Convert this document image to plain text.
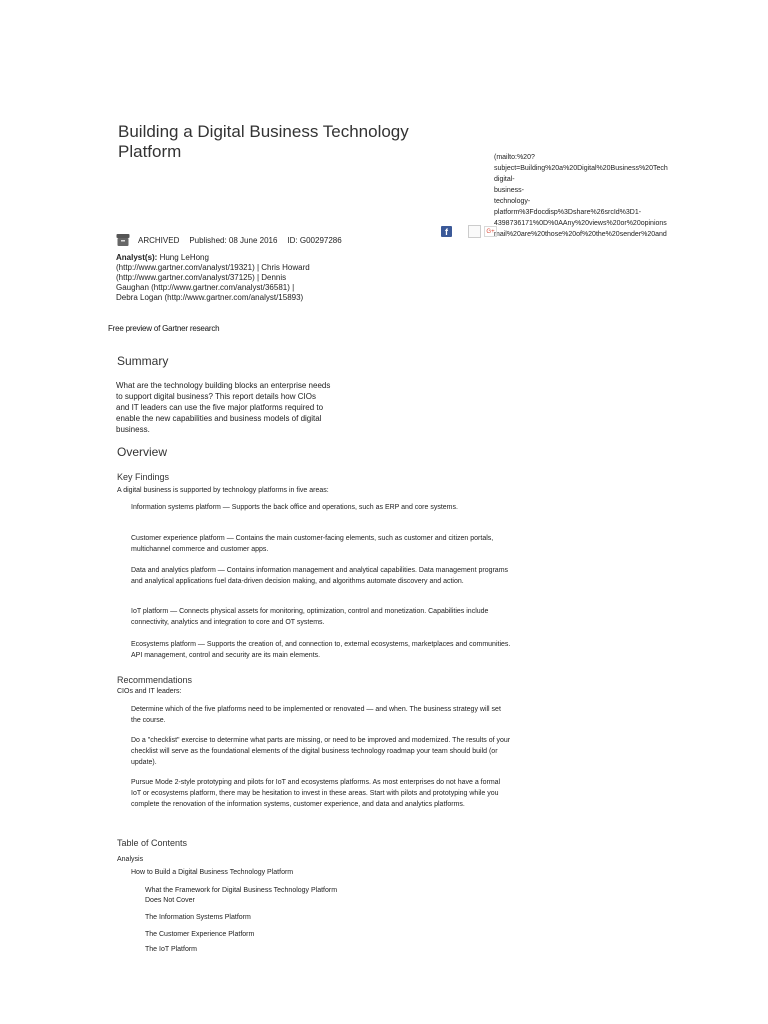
Building a Digital Business Technology Platform	(mailto:%20?
subject=Building%20a%20Digital%20Business%20Tech
digital-
business-
technology-
platform%3Fdocdisp%3Dshare%26srcId%3D1-
4398736171%0D%0AAny%20views%20or%20opinions
mail%20are%20those%20of%20the%20sender%20and
ARCHIVED Published: 08 June 2016 ID: G00297286
f	G+
Analyst(s): Hung LeHong
(http://www.gartner.com/analyst/19321) | Chris Howard
(http://www.gartner.com/analyst/37125) | Dennis
Gaughan (http://www.gartner.com/analyst/36581) |
Debra Logan (http://www.gartner.com/analyst/15893)
Free preview of Gartner research
Summary
What are the technology building blocks an enterprise needs to support digital business? This report details how CIOs and IT leaders can use the five major platforms required to enable the new capabilities and business models of digital business.
Overview
Key Findings
A digital business is supported by technology platforms in five areas:
Information systems platform — Supports the back office and operations, such as ERP and core systems.
Customer experience platform — Contains the main customer-facing elements, such as customer and citizen portals, multichannel commerce and customer apps.
Data and analytics platform — Contains information management and analytical capabilities. Data management programs and analytical applications fuel data-driven decision making, and algorithms automate discovery and action.
IoT platform — Connects physical assets for monitoring, optimization, control and monetization. Capabilities include connectivity, analytics and integration to core and OT systems.
Ecosystems platform — Supports the creation of, and connection to, external ecosystems, marketplaces and communities. API management, control and security are its main elements.
Recommendations
CIOs and IT leaders:
Determine which of the five platforms need to be implemented or renovated — and when. The business strategy will set the course.
Do a "checklist" exercise to determine what parts are missing, or need to be improved and modernized. The results of your checklist will serve as the foundational elements of the digital business technology roadmap your team should build (or update).
Pursue Mode 2-style prototyping and pilots for IoT and ecosystems platforms. As most enterprises do not have a formal IoT or ecosystems platform, there may be hesitation to invest in these areas. Start with pilots and prototyping while you complete the renovation of the information systems, customer experience, and data and analytics platforms.
Table of Contents
Analysis
How to Build a Digital Business Technology Platform
What the Framework for Digital Business Technology Platform Does Not Cover
The Information Systems Platform
The Customer Experience Platform
The IoT Platform
